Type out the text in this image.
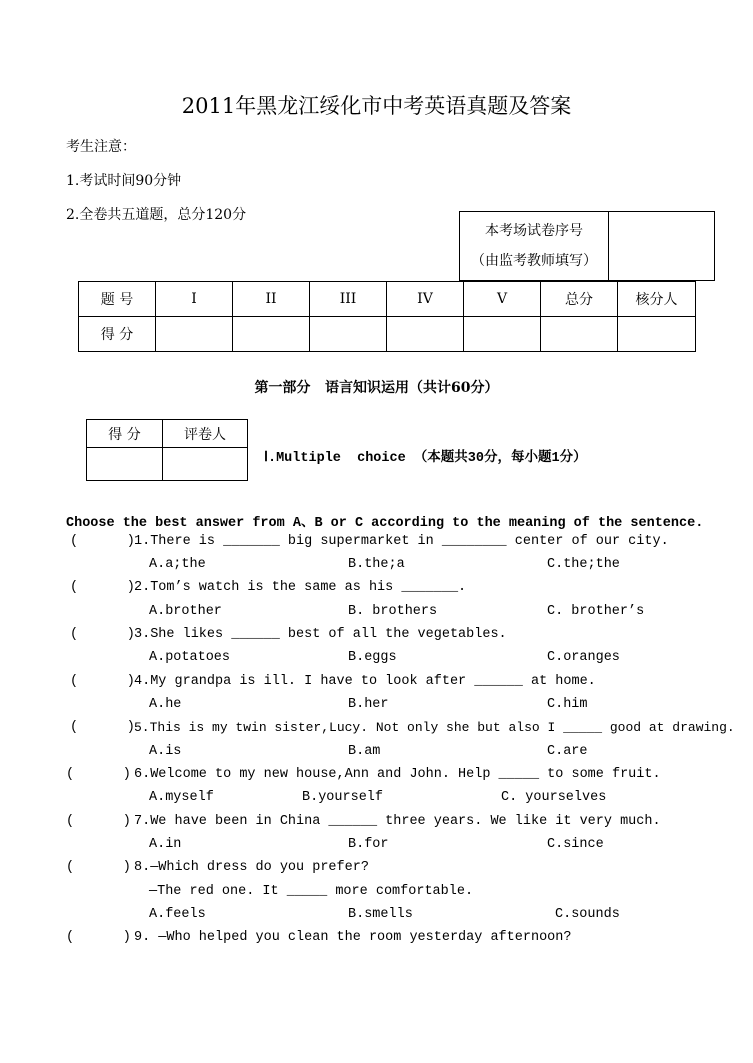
2011年黑龙江绥化市中考英语真题及答案
考生注意：
1.考试时间90分钟
2.全卷共五道题，总分120分
本考场试卷序号
（由监考教师填写）

题 号	I	II	III	IV	V	总分	核分人
得 分							
第一部分   语言知识运用（共计60分）
得 分	评卷人

Ⅰ.Multiple  choice （本题共30分，每小题1分）
Choose the best answer from A、B or C according to the meaning of the sentence.
(      ) 1.There is _______ big supermarket in ________ center of our city.
A.a;the	B.the;a	C.the;the
(      ) 2.Tom’s watch is the same as his _______.
A.brother	B. brothers	C. brother’s
(      ) 3.She likes ______ best of all the vegetables.
A.potatoes	B.eggs	C.oranges
(      ) 4.My grandpa is ill. I have to look after ______ at home.
A.he	B.her	C.him
(      ) 5.This is my twin sister,Lucy. Not only she but also I _____ good at drawing.
A.is	B.am	C.are
(      ) 6.Welcome to my new house,Ann and John. Help _____ to some fruit.
A.myself	B.yourself	C. yourselves
(      ) 7.We have been in China ______ three years. We like it very much.
A.in	B.for	C.since
(      ) 8.—Which dress do you prefer?
—The red one. It _____ more comfortable.
A.feels	B.smells	C.sounds
(      ) 9. —Who helped you clean the room yesterday afternoon?
